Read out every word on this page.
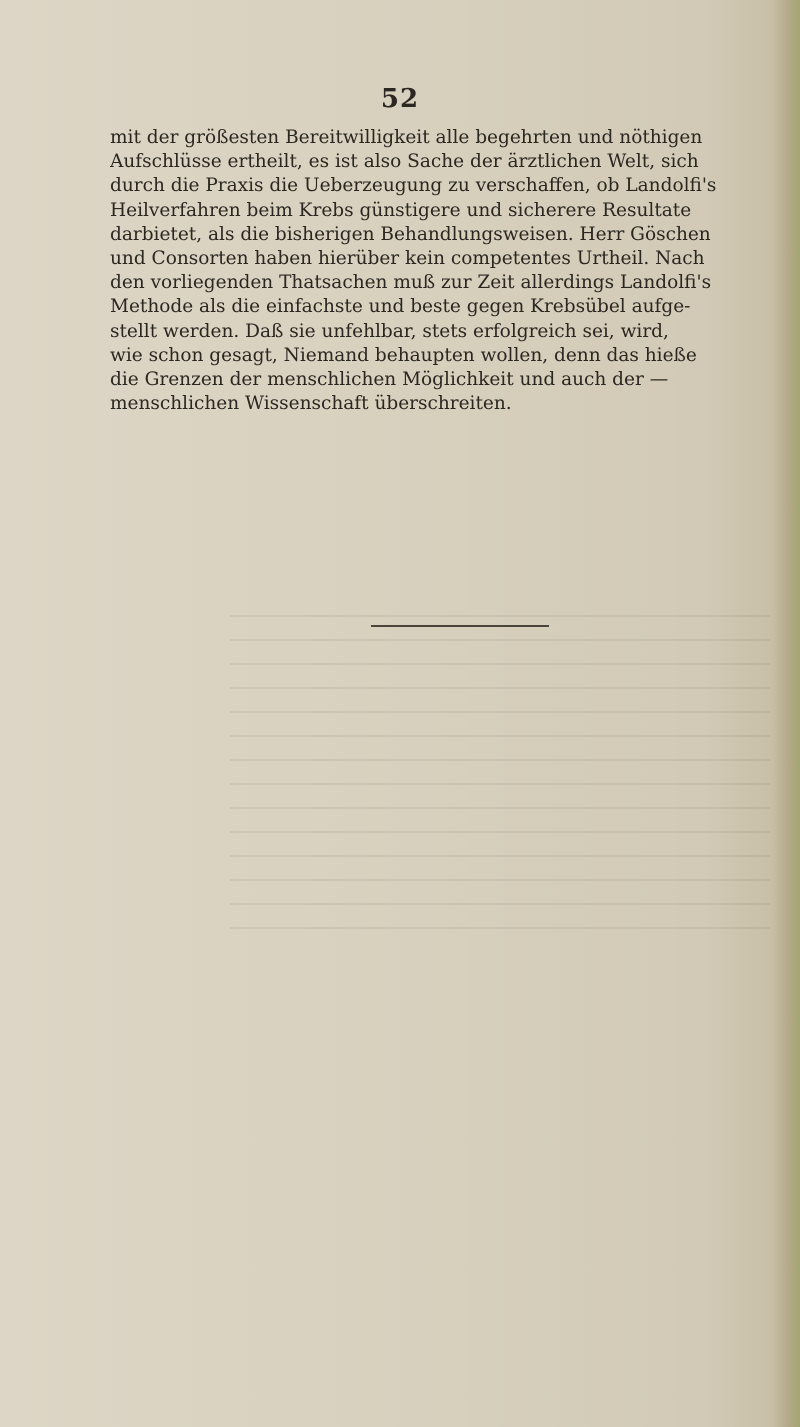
52

mit der größesten Bereitwilligkeit alle begehrten und nöthigen
Aufschlüsse ertheilt, es ist also Sache der ärztlichen Welt, sich
durch die Praxis die Ueberzeugung zu verschaffen, ob Landolfi's
Heilverfahren beim Krebs günstigere und sicherere Resultate
darbietet, als die bisherigen Behandlungsweisen. Herr Göschen
und Consorten haben hierüber kein competentes Urtheil. Nach
den vorliegenden Thatsachen muß zur Zeit allerdings Landolfi's
Methode als die einfachste und beste gegen Krebsübel aufge-
stellt werden. Daß sie unfehlbar, stets erfolgreich sei, wird,
wie schon gesagt, Niemand behaupten wollen, denn das hieße
die Grenzen der menschlichen Möglichkeit und auch der —
menschlichen Wissenschaft überschreiten.
